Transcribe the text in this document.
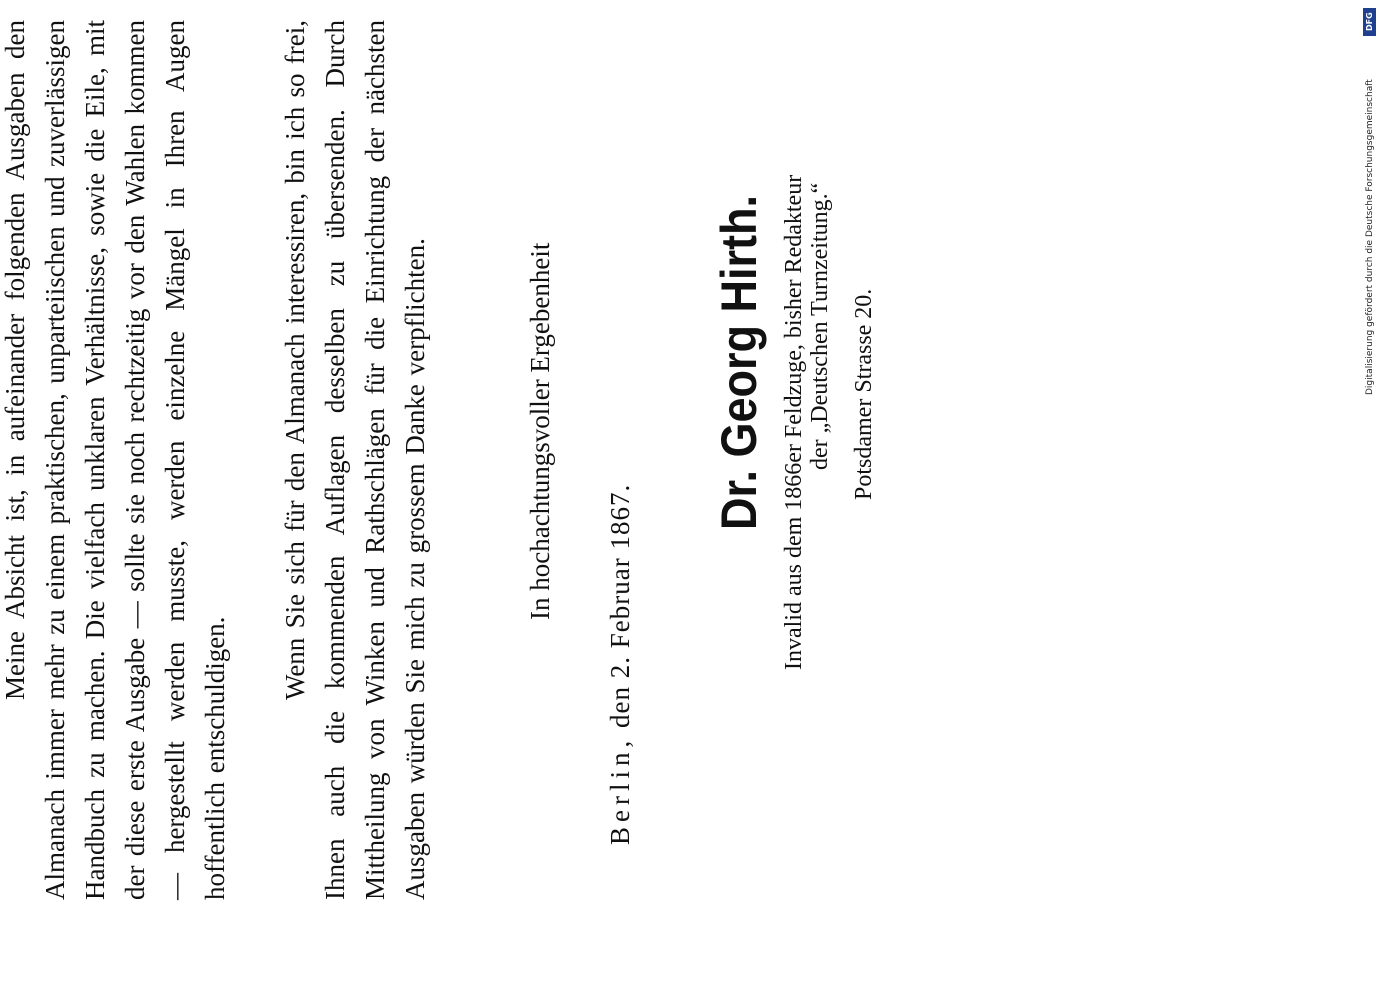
Meine Absicht ist, in aufeinander folgenden Ausgaben den Almanach immer mehr zu einem praktischen, unparteiischen und zuverlässigen Handbuch zu machen. Die vielfach unklaren Verhältnisse, sowie die Eile, mit der diese erste Ausgabe — sollte sie noch rechtzeitig vor den Wahlen kommen — hergestellt werden musste, werden einzelne Mängel in Ihren Augen hoffentlich entschuldigen.

Wenn Sie sich für den Almanach interessiren, bin ich so frei, Ihnen auch die kommenden Auflagen desselben zu übersenden. Durch Mittheilung von Winken und Rathschlägen für die Einrichtung der nächsten Ausgaben würden Sie mich zu grossem Danke verpflichten.	In hochachtungsvoller Ergebenheit
Berlin, den 2. Februar 1867.
Dr. Georg Hirth. Invalid aus dem 1866er Feldzuge, bisher Redakteur der „Deutschen Turnzeitung.“ Potsdamer Strasse 20.
DFG
Digitalisierung gefördert durch die Deutsche Forschungsgemeinschaft
